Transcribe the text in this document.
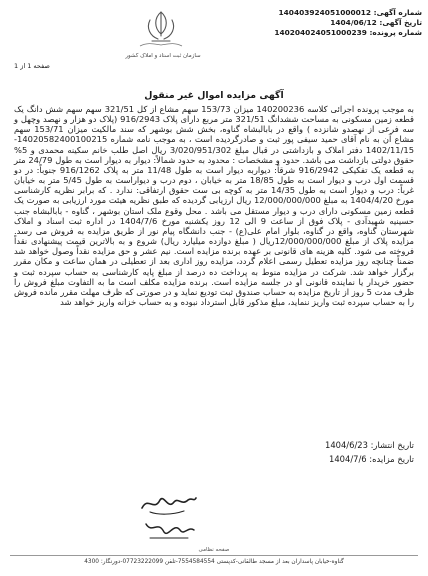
شماره آگهی: 140403924051000012
تاریخ آگهی: 1404/06/12
شماره پرونده: 140204024051000239
سازمان ثبت اسناد و املاک کشور
صفحه 1 از 1
آگهی مزایده اموال غیر منقول
به موجب پرونده اجرائی کلاسه 140200236 میزان 153/73 سهم مشاع از کل 321/51 سهم سهم شش دانگ یک قطعه زمین مسکونی به مساحت ششدانگ 321/51 متر مربع دارای پلاک 916/2943 (پلاک دو هزار و نهصد وچهل و سه فرعی از نهصدو شانزده ) واقع در بابالبشاه گناوه، بخش شش بوشهر که سند مالکیت میزان 153/71 سهم مشاع آن به نام آقای حمید سیفی پور ثبت و صادرگردیده است ، به موجب نامه شماره 14020582400100215-1402/11/15 دفتر املاک و بازداشتی در قبال مبلغ 3/020/951/302 ریال اصل طلب خانم سکینه محمدی و 5% حقوق دولتی بازداشت می باشد. حدود و مشخصات : محدود به حدود شمالاً: دیوار به دیوار است به طول 24/79 متر به قطعه یک تفکیکی 916/2942 شرقاً: دیواربه دیوار است به طول 11/48 متر به پلاک 916/1262 جنوباً: در دو قسمت اول درب و دیوار است به طول 18/85 متر به خیابان ، دوم درب و دیواراست به طول 5/45 متر به خیابان غرباً: درب و دیوار است به طول 14/35 متر به کوچه بی ست حقوق ارتفاقی: ندارد . که برابر نظریه کارشناسی مورخ 1404/4/20 به مبلغ 12/000/000/000 ریال ارزیابی گردیده که طبق نظریه هیئت مورد ارزیابی به صورت یک قطعه زمین مسکونی دارای درب و دیوار مستقل می باشد . محل وقوع ملک استان بوشهر ، گناوه - بابالبشاه جنب حسینیه شهیدآدی - پلاک فوق از ساعت 9 الی 12 روز یکشنبه مورخ 1404/7/6 در اداره ثبت اسناد و املاک شهرستان گناوه، واقع در گناوه، بلوار امام علی(ع) - جنب دانشگاه پیام نور از طریق مزایده به فروش می رسد. مزایده پلاک از مبلغ 12/000/000/000ریال ( مبلغ دوازده میلیارد ریال) شروع و به بالاترین قیمت پیشنهادی نقداً فروخته می شود. کلیه هزینه های قانونی بر عهده برنده مزایده است. نیم عشر و حق مزایده نقداً وصول خواهد شد ضمناً چنانچه روز مزایده تعطیل رسمی اعلام گردد، مزایده روز اداری بعد از تعطیلی در همان ساعت و مکان مقرر برگزار خواهد شد. شرکت در مزایده منوط به پرداخت ده درصد از مبلغ پایه کارشناسی به حساب سپرده ثبت و حضور خریدار یا نماینده قانونی او در جلسه مزایده است. برنده مزایده مکلف است ما به التفاوت مبلغ فروش را ظرف مدت 5 روز از تاریخ مزایده به حساب صندوق ثبت تودیع نماید و در صورتی که ظرف مهلت مقرر مانده فروش را به حساب سپرده ثبت واریز ننماید، مبلغ مذکور قابل استرداد نبوده و به حساب خزانه واریز خواهد شد
تاریخ انتشار: 1404/6/23
تاریخ مزایده: 1404/7/6
صفحه نظامی
گناوه-خیابان پاسداران بعد از مسجد طالقانی-کدپستی 7554584554-تلفن 07723222099-دورنگار: 4300
